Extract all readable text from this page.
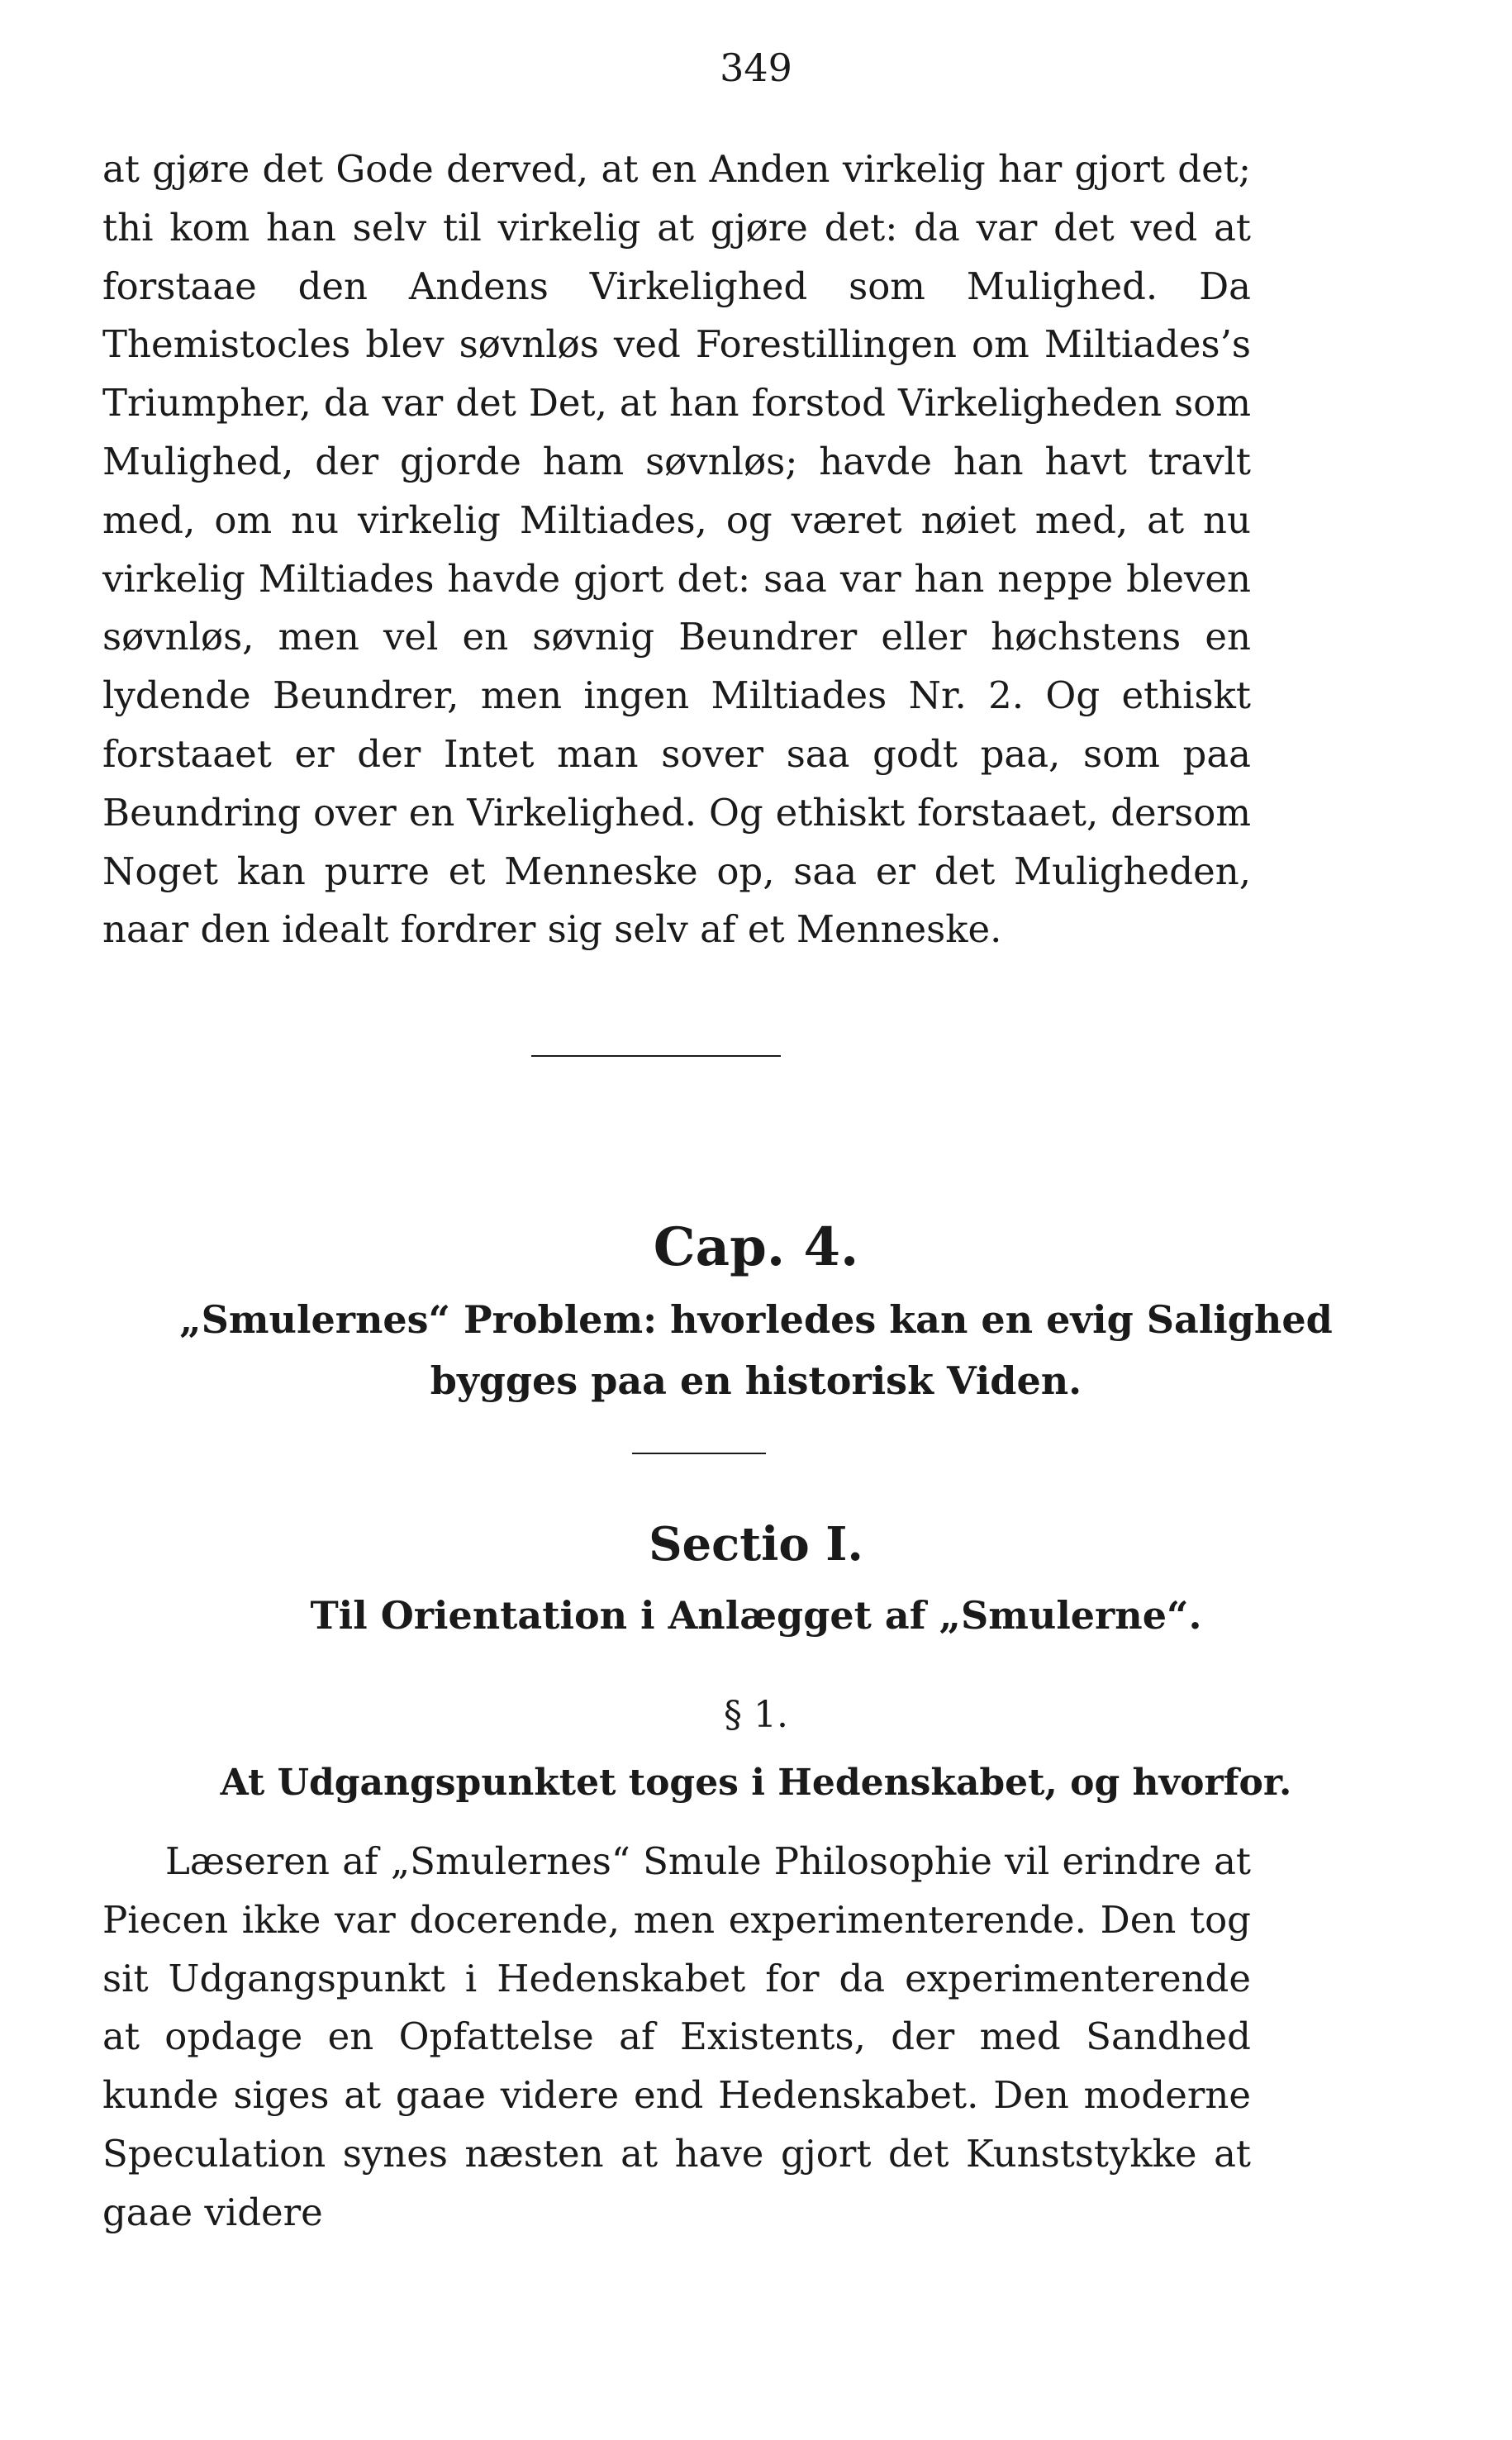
349

at gjøre det Gode derved, at en Anden virkelig har gjort det; thi kom han selv til virkelig at gjøre det: da var det ved at forstaae den Andens Virkelighed som Mulighed. Da Themistocles blev søvnløs ved Forestillingen om Miltiades’s Triumpher, da var det Det, at han forstod Virkeligheden som Mulighed, der gjorde ham søvnløs; havde han havt travlt med, om nu virkelig Miltiades, og været nøiet med, at nu virkelig Miltiades havde gjort det: saa var han neppe bleven søvnløs, men vel en søvnig Beundrer eller høchstens en lydende Beundrer, men ingen Miltiades Nr. 2. Og ethiskt forstaaet er der Intet man sover saa godt paa, som paa Beundring over en Virkelighed. Og ethiskt forstaaet, dersom Noget kan purre et Menneske op, saa er det Muligheden, naar den idealt fordrer sig selv af et Menneske.

Cap. 4.
„Smulernes“ Problem: hvorledes kan en evig Salighed
bygges paa en historisk Viden.
Sectio I.
Til Orientation i Anlægget af „Smulerne“.
§ 1.
At Udgangspunktet toges i Hedenskabet, og hvorfor.

Læseren af „Smulernes“ Smule Philosophie vil erindre at Piecen ikke var docerende, men experimenterende. Den tog sit Udgangspunkt i Hedenskabet for da experimenterende at opdage en Opfattelse af Existents, der med Sandhed kunde siges at gaae videre end Hedenskabet. Den moderne Speculation synes næsten at have gjort det Kunststykke at gaae videre
